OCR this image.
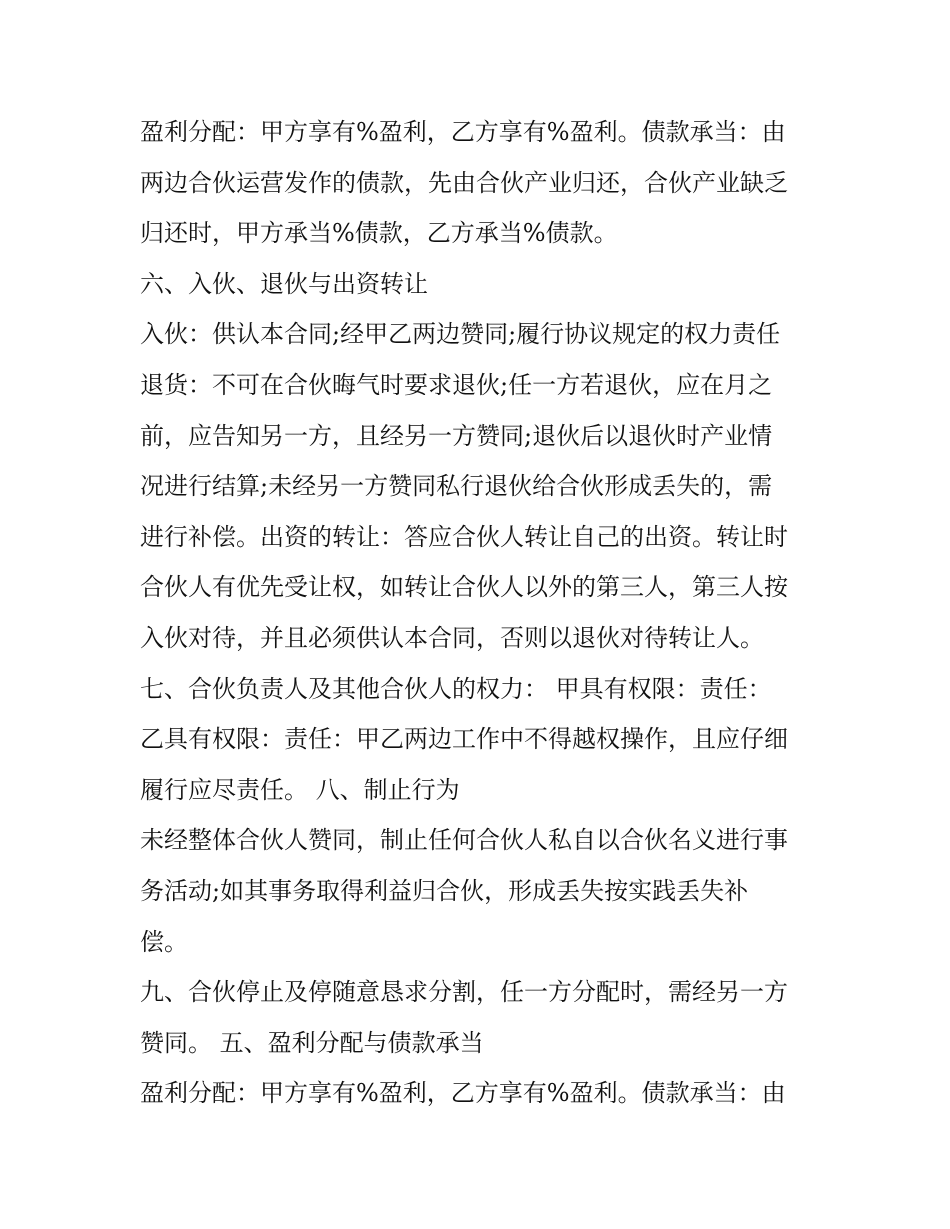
盈利分配：甲方享有%盈利，乙方享有%盈利。债款承当：由
两边合伙运营发作的债款，先由合伙产业归还，合伙产业缺乏
归还时，甲方承当%债款，乙方承当%债款。
六、入伙、退伙与出资转让
入伙：供认本合同;经甲乙两边赞同;履行协议规定的权力责任
退货：不可在合伙晦气时要求退伙;任一方若退伙，应在月之
前，应告知另一方，且经另一方赞同;退伙后以退伙时产业情
况进行结算;未经另一方赞同私行退伙给合伙形成丢失的，需
进行补偿。出资的转让：答应合伙人转让自己的出资。转让时
合伙人有优先受让权，如转让合伙人以外的第三人，第三人按
入伙对待，并且必须供认本合同，否则以退伙对待转让人。
七、合伙负责人及其他合伙人的权力： 甲具有权限：责任：
乙具有权限：责任：甲乙两边工作中不得越权操作，且应仔细
履行应尽责任。 八、制止行为
未经整体合伙人赞同，制止任何合伙人私自以合伙名义进行事
务活动;如其事务取得利益归合伙，形成丢失按实践丢失补
偿。
九、合伙停止及停随意恳求分割，任一方分配时，需经另一方
赞同。 五、盈利分配与债款承当
盈利分配：甲方享有%盈利，乙方享有%盈利。债款承当：由
